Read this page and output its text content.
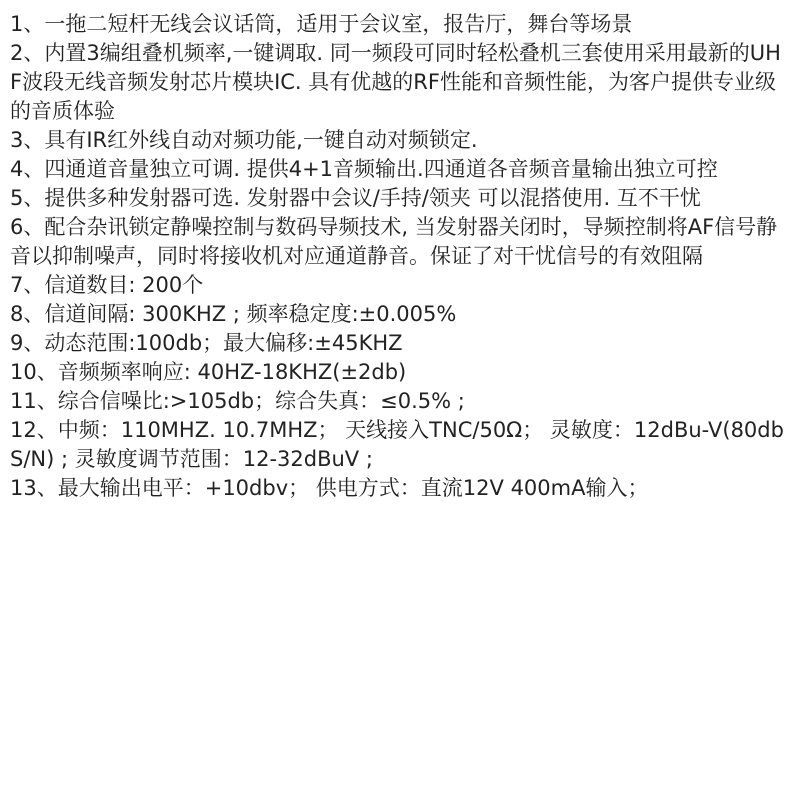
1、一拖二短杆无线会议话筒，适用于会议室，报告厅，舞台等场景
2、内置3编组叠机频率,一键调取. 同一频段可同时轻松叠机三套使用采用最新的UHF波段无线音频发射芯片模块IC. 具有优越的RF性能和音频性能，为客户提供专业级的音质体验
3、具有IR红外线自动对频功能,一键自动对频锁定.
4、四通道音量独立可调. 提供4+1音频输出.四通道各音频音量输出独立可控
5、提供多种发射器可选. 发射器中会议/手持/领夹 可以混搭使用. 互不干忧
6、配合杂讯锁定静噪控制与数码导频技术, 当发射器关闭时，导频控制将AF信号静音以抑制噪声，同时将接收机对应通道静音。保证了对干忧信号的有效阻隔
7、信道数目: 200个
8、信道间隔: 300KHZ ; 频率稳定度:±0.005%
9、动态范围:100db；最大偏移:±45KHZ
10、音频频率响应: 40HZ-18KHZ(±2db)
11、综合信噪比:>105db；综合失真：≤0.5% ;
12、中频：110MHZ. 10.7MHZ； 天线接入TNC/50Ω； 灵敏度：12dBu-V(80db S/N) ; 灵敏度调节范围：12-32dBuV ;
13、最大输出电平：+10dbv； 供电方式：直流12V 400mA输入；
